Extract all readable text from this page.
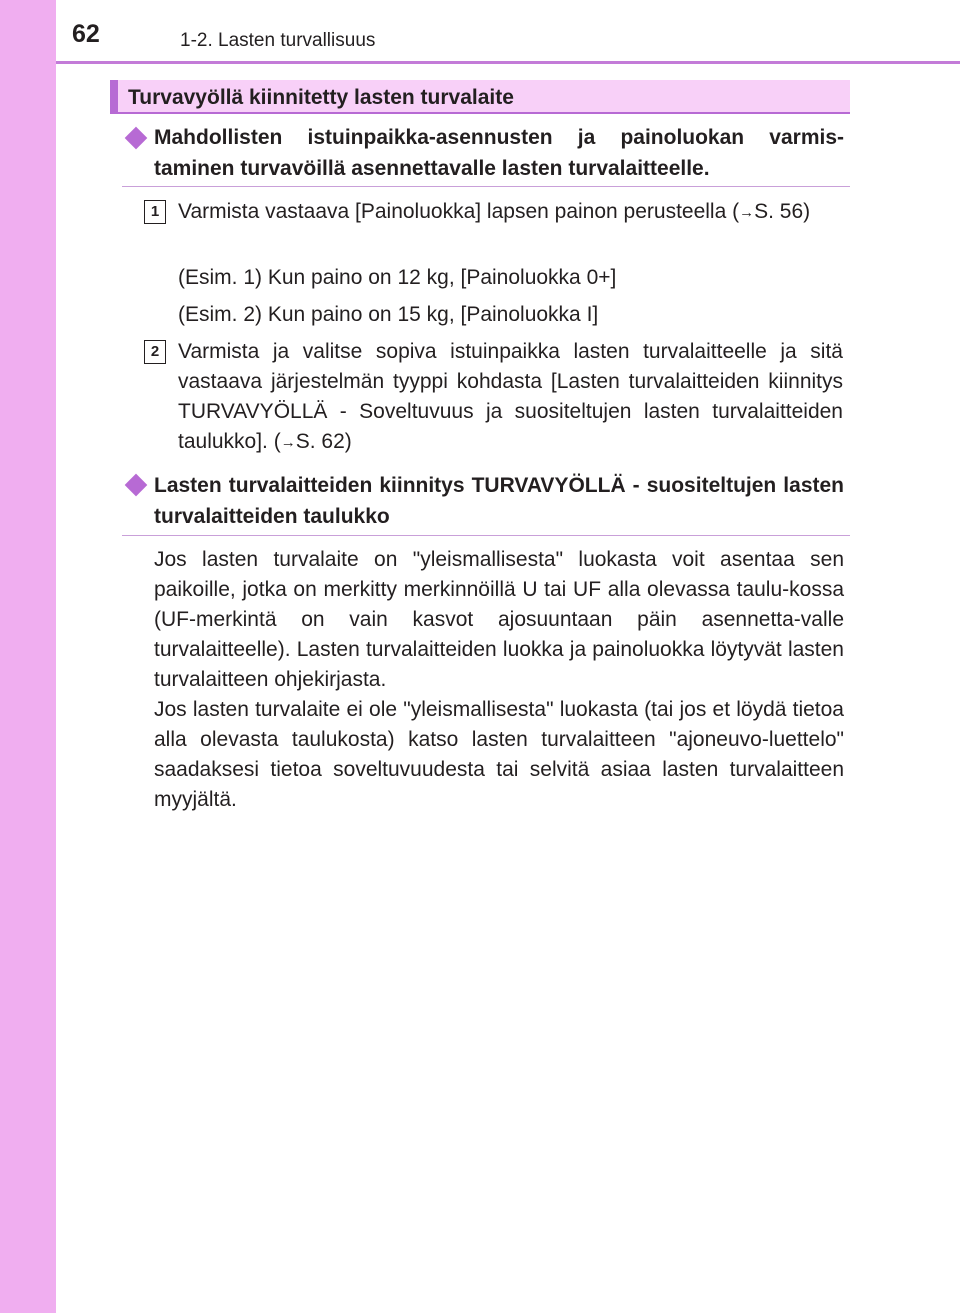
62	1-2. Lasten turvallisuus
Turvavyöllä kiinnitetty lasten turvalaite
Mahdollisten istuinpaikka-asennusten ja painoluokan varmis-taminen turvavöillä asennettavalle lasten turvalaitteelle.
1 Varmista vastaava [Painoluokka] lapsen painon perusteella (→S. 56)
(Esim. 1) Kun paino on 12 kg, [Painoluokka 0+]
(Esim. 2) Kun paino on 15 kg, [Painoluokka I]
2 Varmista ja valitse sopiva istuinpaikka lasten turvalaitteelle ja sitä vastaava järjestelmän tyyppi kohdasta [Lasten turvalaitteiden kiinnitys TURVAVYÖLLÄ - Soveltuvuus ja suositeltujen lasten turvalaitteiden taulukko]. (→S. 62)
Lasten turvalaitteiden kiinnitys TURVAVYÖLLÄ - suositeltujen lasten turvalaitteiden taulukko

Jos lasten turvalaite on "yleismallisesta" luokasta voit asentaa sen paikoille, jotka on merkitty merkinnöillä U tai UF alla olevassa taulu-kossa (UF-merkintä on vain kasvot ajosuuntaan päin asennetta-valle turvalaitteelle). Lasten turvalaitteiden luokka ja painoluokka löytyvät lasten turvalaitteen ohjekirjasta.

Jos lasten turvalaite ei ole "yleismallisesta" luokasta (tai jos et löydä tietoa alla olevasta taulukosta) katso lasten turvalaitteen "ajoneuvo-luettelo" saadaksesi tietoa soveltuvuudesta tai selvitä asiaa lasten turvalaitteen myyjältä.
